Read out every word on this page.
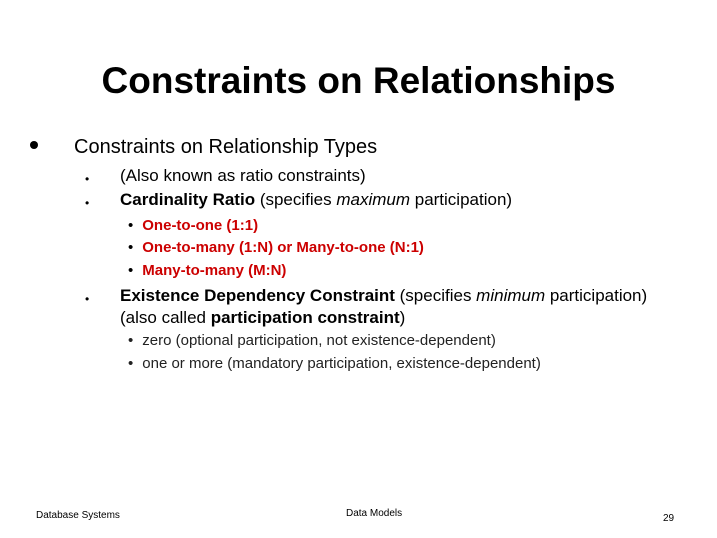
Constraints on Relationships
Constraints on Relationship Types
• (Also known as ratio constraints)
• Cardinality Ratio (specifies maximum participation)
• One-to-one (1:1)
• One-to-many (1:N) or Many-to-one (N:1)
• Many-to-many (M:N)
• Existence Dependency Constraint (specifies minimum participation)
(also called participation constraint)
• zero (optional participation, not existence-dependent)
• one or more (mandatory participation, existence-dependent)
Database Systems	Data Models	29
